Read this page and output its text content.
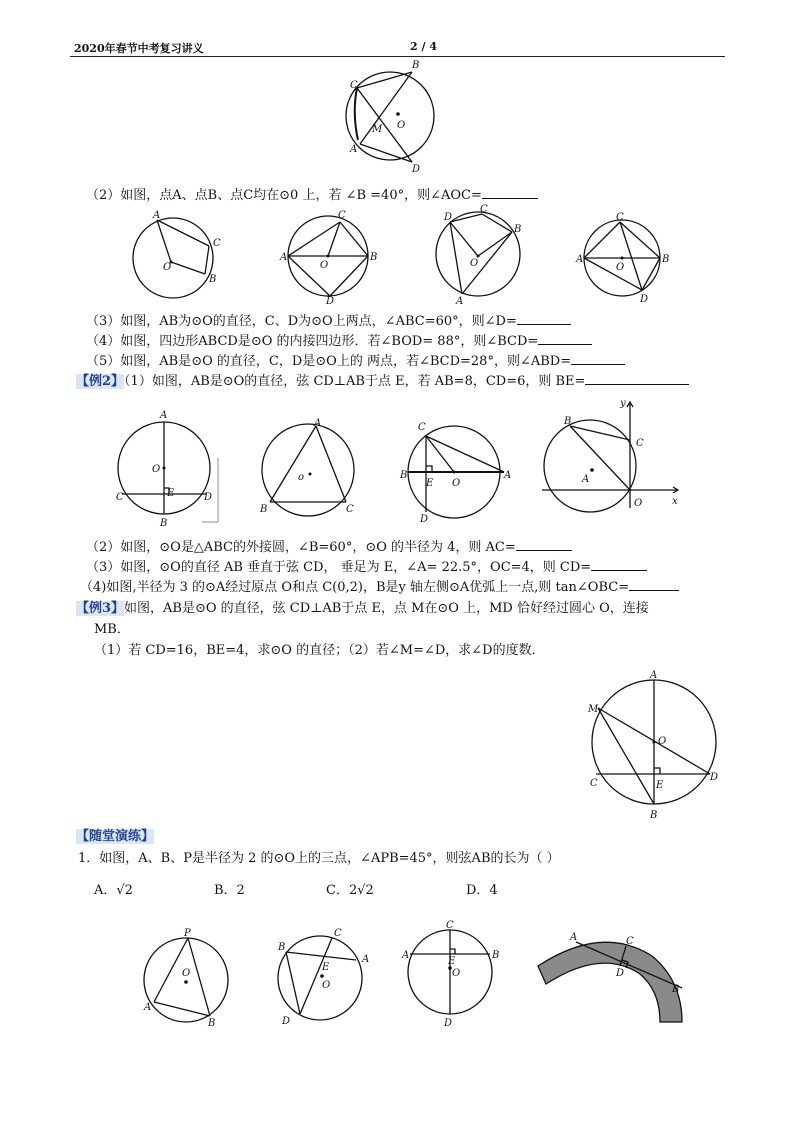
2020年春节中考复习讲义	2 / 4
C
B
M O
A
D
（2）如图，点A、点B、点C均在⊙0 上，若 ∠B =40°，则∠AOC=
A
C
B
O
A
C
B
D
O
D
C
B
A
O	A
C
B
D
O
（3）如图，AB为⊙O的直径，C、D为⊙O上两点，∠ABC=60°，则∠D=
（4）如图，四边形ABCD是⊙O 的内接四边形．若∠BOD= 88°，则∠BCD=
（5）如图，AB是⊙O 的直径，C，D是⊙O上的 两点，若∠BCD=28°，则∠ABD=
【例2】（1）如图，AB是⊙O的直径，弦 CD⊥AB于点 E，若 AB=8，CD=6，则 BE=
A
O
C	E	D
B
A
o
B	C
C
B
E O
A
D
y
B
C
A
O	x
（2）如图，⊙O是△ABC的外接圆，∠B=60°，⊙O 的半径为 4，则 AC=
（3）如图，⊙O的直径 AB 垂直于弦 CD， 垂足为 E，∠A= 22.5°，OC=4，则 CD=
（4)如图,半径为 3 的⊙A经过原点 O和点 C(0,2)，B是y 轴左侧⊙A优弧上一点,则 tan∠OBC=
【例3】如图，AB是⊙O 的直径，弦 CD⊥AB于点 E，点 M在⊙O 上，MD 恰好经过圆心 O，连接
MB．
（1）若 CD=16，BE=4，求⊙O 的直径；（2）若∠M=∠D，求∠D的度数．
A
M
O
C	E
D
B
【随堂演练】
1．如图，A、B、P是半径为 2 的⊙O上的三点，∠APB=45°，则弦AB的长为（ ）
A．√2	B．2	C．2√2	D．4
P
O
A
B
B
C
A
E
O
D
C
A	B
E
O
D
A	C
D
B
